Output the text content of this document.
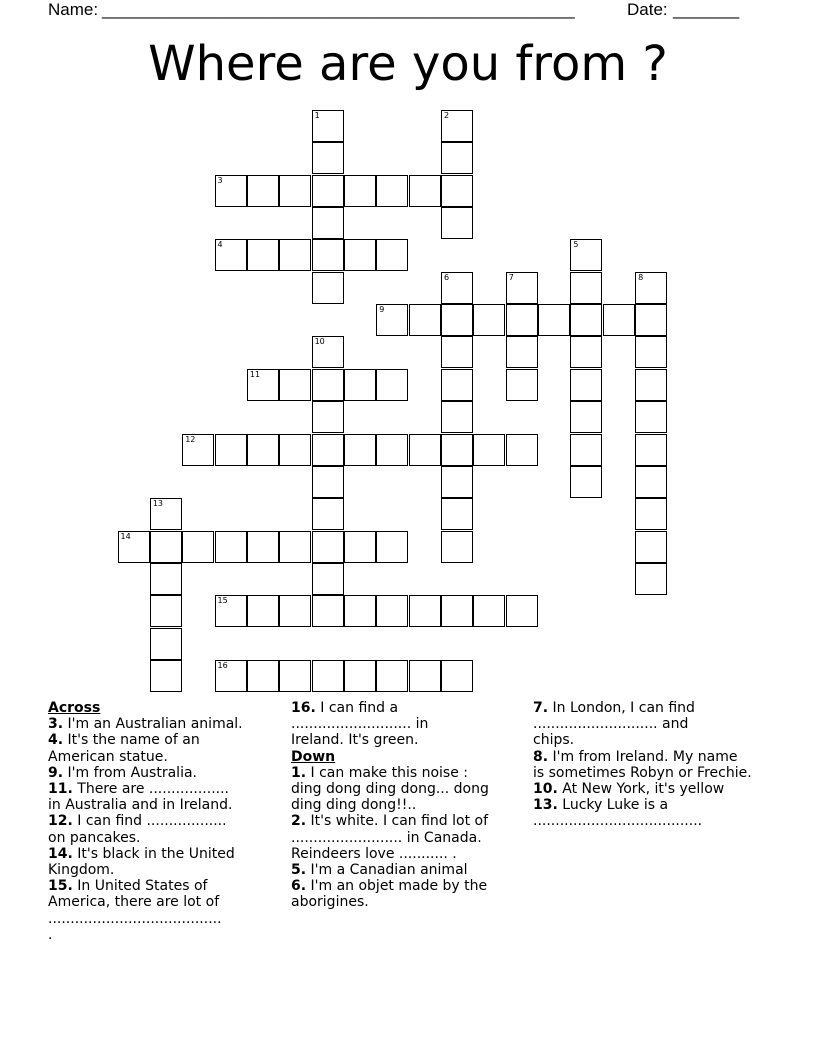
Name: __________________________________________________	Date: _______
Where are you from ?
1	2
3
4	5
6	7	8
9
10
11
12
13
14
15
16
Across
3. I'm an Australian animal.
4. It's the name of an
American statue.
9. I'm from Australia.
11. There are ..................
in Australia and in Ireland.
12. I can find ..................
on pancakes.
14. It's black in the United
Kingdom.
15. In United States of
America, there are lot of
.......................................
.
16. I can find a
........................... in
Ireland. It's green.
Down
1. I can make this noise :
ding dong ding dong... dong
ding ding dong!!..
2. It's white. I can find lot of
......................... in Canada.
Reindeers love ........... .
5. I'm a Canadian animal
6. I'm an objet made by the
aborigines.
7. In London, I can find
............................ and
chips.
8. I'm from Ireland. My name
is sometimes Robyn or Frechie.
10. At New York, it's yellow
13. Lucky Luke is a
......................................
